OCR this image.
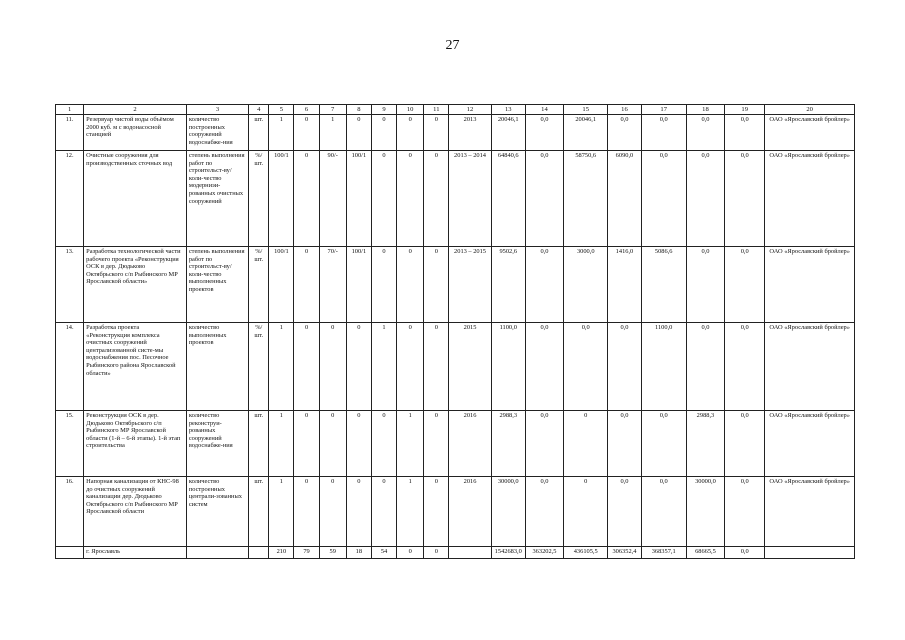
27
1	2	3	4	5	6	7	8	9	10	11	12	13	14	15	16	17	18	19	20
11.	Резервуар чистой воды объёмом 2000 куб. м с водонасосной станцией	количество построенных сооружений водоснабже-ния	шт.	1	0	1	0	0	0	0	2013	20046,1	0,0	20046,1	0,0	0,0	0,0	0,0	ОАО «Ярославский бройлер»
12.	Очистные сооружения для производственных сточных вод	степень выполнения работ по строительст-ву/ коли-чество модерниэи-рованных очистных сооружений	%/ шт.	100/1	0	90/-	100/1	0	0	0	2013 – 2014	64840,6	0,0	58750,6	6090,0	0,0	0,0	0,0	ОАО «Ярославский бройлер»
13.	Разработка технологической части рабочего проекта «Реконструкция ОСК в дер. Дюдьково Октябрьского с/п Рыбинского МР Ярославской области»	степень выполнения работ по строительст-ву/ коли-чество выполненных проектов	%/ шт.	100/1	0	70/-	100/1	0	0	0	2013 – 2015	9502,6	0,0	3000,0	1416,0	5086,6	0,0	0,0	ОАО «Ярославский бройлер»
14.	Разработка проекта «Реконструкция комплекса очистных сооружений централизованной систе-мы водоснабжения пос. Песочное Рыбинского района Ярославской области»	количество выполненных проектов	%/ шт.	1	0	0	0	1	0	0	2015	1100,0	0,0	0,0	0,0	1100,0	0,0	0,0	ОАО «Ярославский бройлер»
15.	Реконструкция ОСК в дер. Дюдьково Октябрьского с/п Рыбинского МР Ярославской области (1-й – 6-й этапы). 1-й этап строительства	количество реконструи-рованных сооружений водоснабже-ния	шт.	1	0	0	0	0	1	0	2016	2988,3	0,0	0	0,0	0,0	2988,3	0,0	ОАО «Ярославский бройлер»
16.	Напорная канализация от КНС-98 до очистных сооружений канализации дер. Дюдьково Октябрьского с/п Рыбинского МР Ярославской области	количество построенных централи-зованных систем	шт.	1	0	0	0	0	1	0	2016	30000,0	0,0	0	0,0	0,0	30000,0	0,0	ОАО «Ярославский бройлер»
	г. Ярославль			210	79	59	18	54	0	0		1542683,0	363202,5	436105,5	306352,4	368357,1	68665,5	0,0	
